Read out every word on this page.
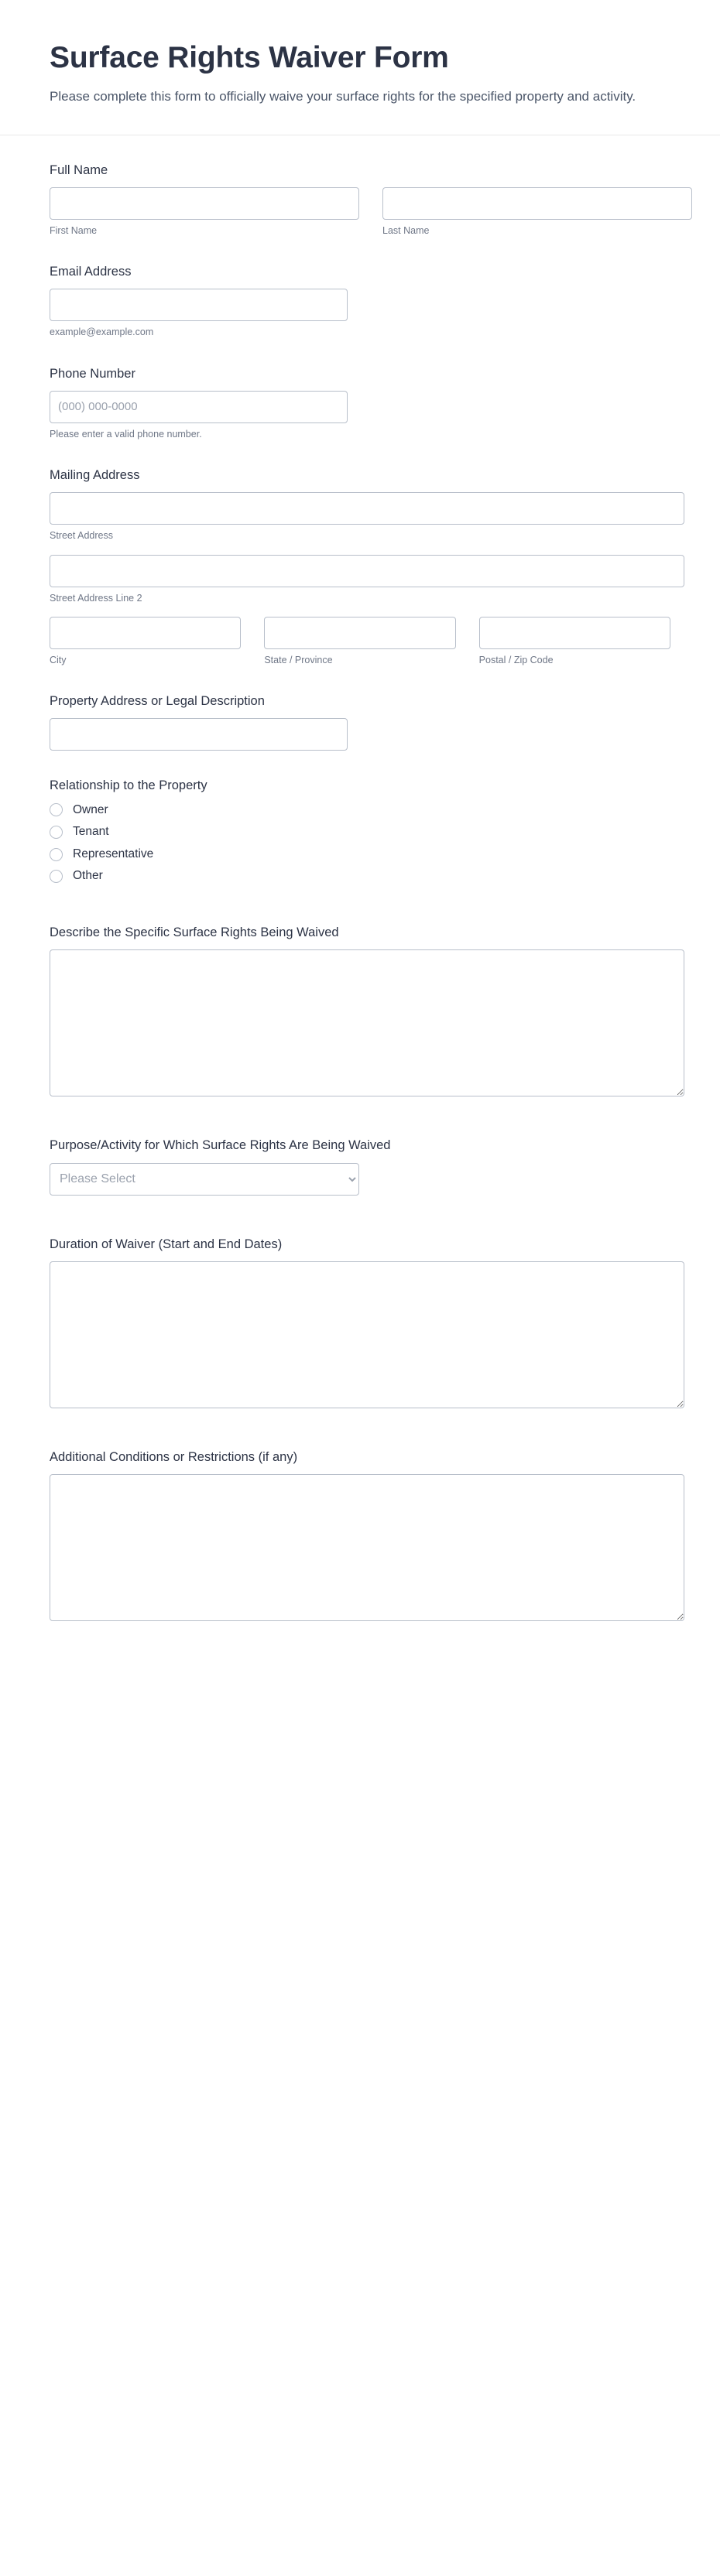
Surface Rights Waiver Form

Please complete this form to officially waive your surface rights for the specified property and activity.

Full Name
First Name	Last Name
Email Address
example@example.com
Phone Number
(000) 000-0000
Please enter a valid phone number.
Mailing Address
Street Address
Street Address Line 2
City	State / Province	Postal / Zip Code
Property Address or Legal Description
Relationship to the Property
Owner
Tenant
Representative
Other
Describe the Specific Surface Rights Being Waived
Purpose/Activity for Which Surface Rights Are Being Waived
Please Select
Duration of Waiver (Start and End Dates)
Additional Conditions or Restrictions (if any)
